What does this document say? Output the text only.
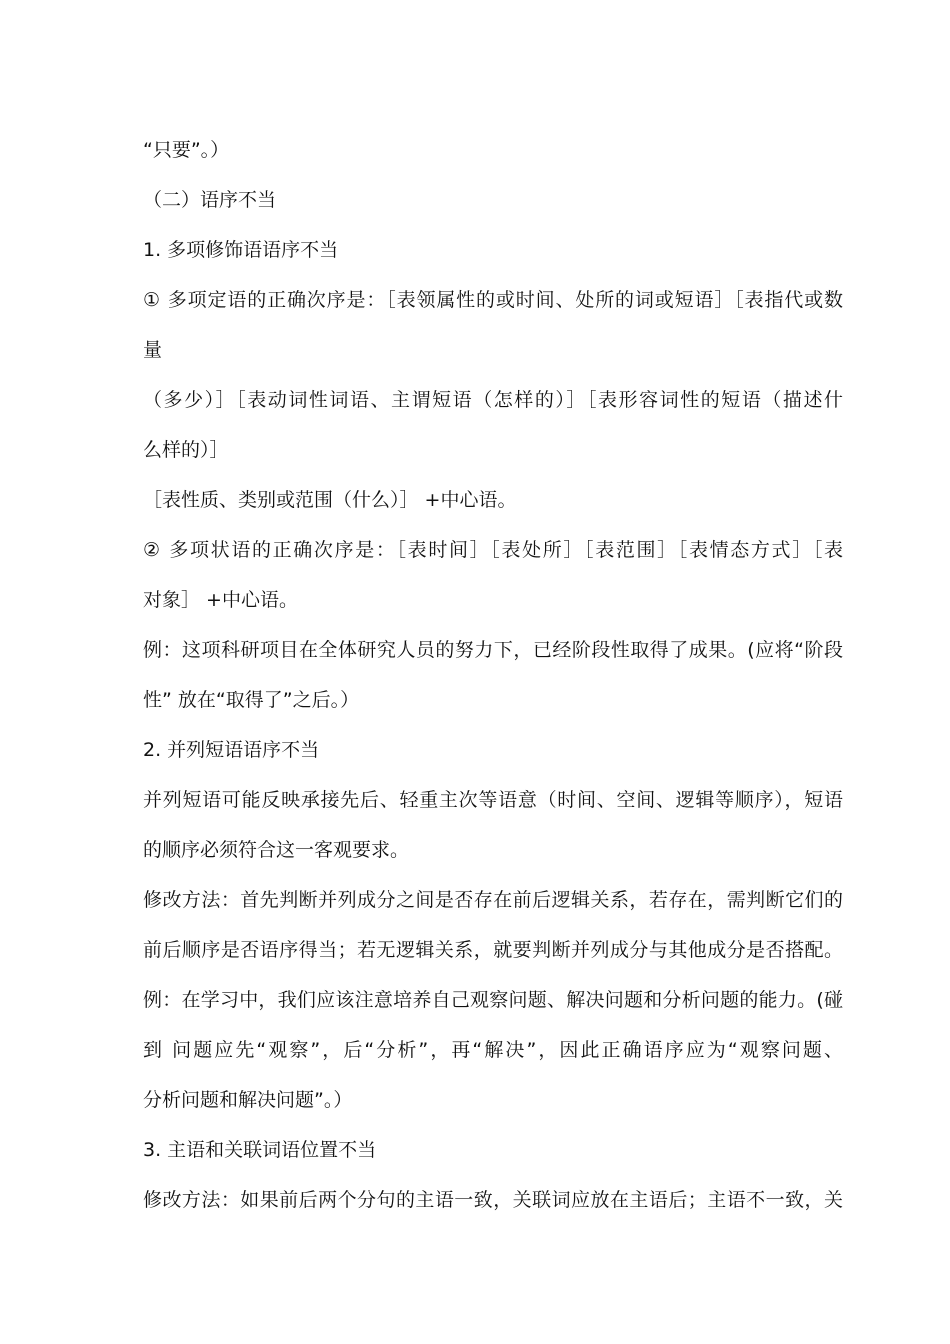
“只要”。）
（二）语序不当
1. 多项修饰语语序不当
① 多项定语的正确次序是：［表领属性的或时间、处所的词或短语］［表指代或数
量
（多少）］［表动词性词语、主谓短语（怎样的）］［表形容词性的短语（描述什
么样的）］
［表性质、类别或范围（什么）］ +中心语。
② 多项状语的正确次序是：［表时间］［表处所］［表范围］［表情态方式］［表
对象］ +中心语。
例：这项科研项目在全体研究人员的努力下，已经阶段性取得了成果。(应将“阶段
性” 放在“取得了”之后。）
2. 并列短语语序不当
并列短语可能反映承接先后、轻重主次等语意（时间、空间、逻辑等顺序），短语
的顺序必须符合这一客观要求。
修改方法：首先判断并列成分之间是否存在前后逻辑关系，若存在，需判断它们的
前后顺序是否语序得当；若无逻辑关系，就要判断并列成分与其他成分是否搭配。
例：在学习中，我们应该注意培养自己观察问题、解决问题和分析问题的能力。(碰
到 问题应先“观察”，后“分析”，再“解决”，因此正确语序应为“观察问题、
分析问题和解决问题”。）
3. 主语和关联词语位置不当
修改方法：如果前后两个分句的主语一致，关联词应放在主语后；主语不一致，关
